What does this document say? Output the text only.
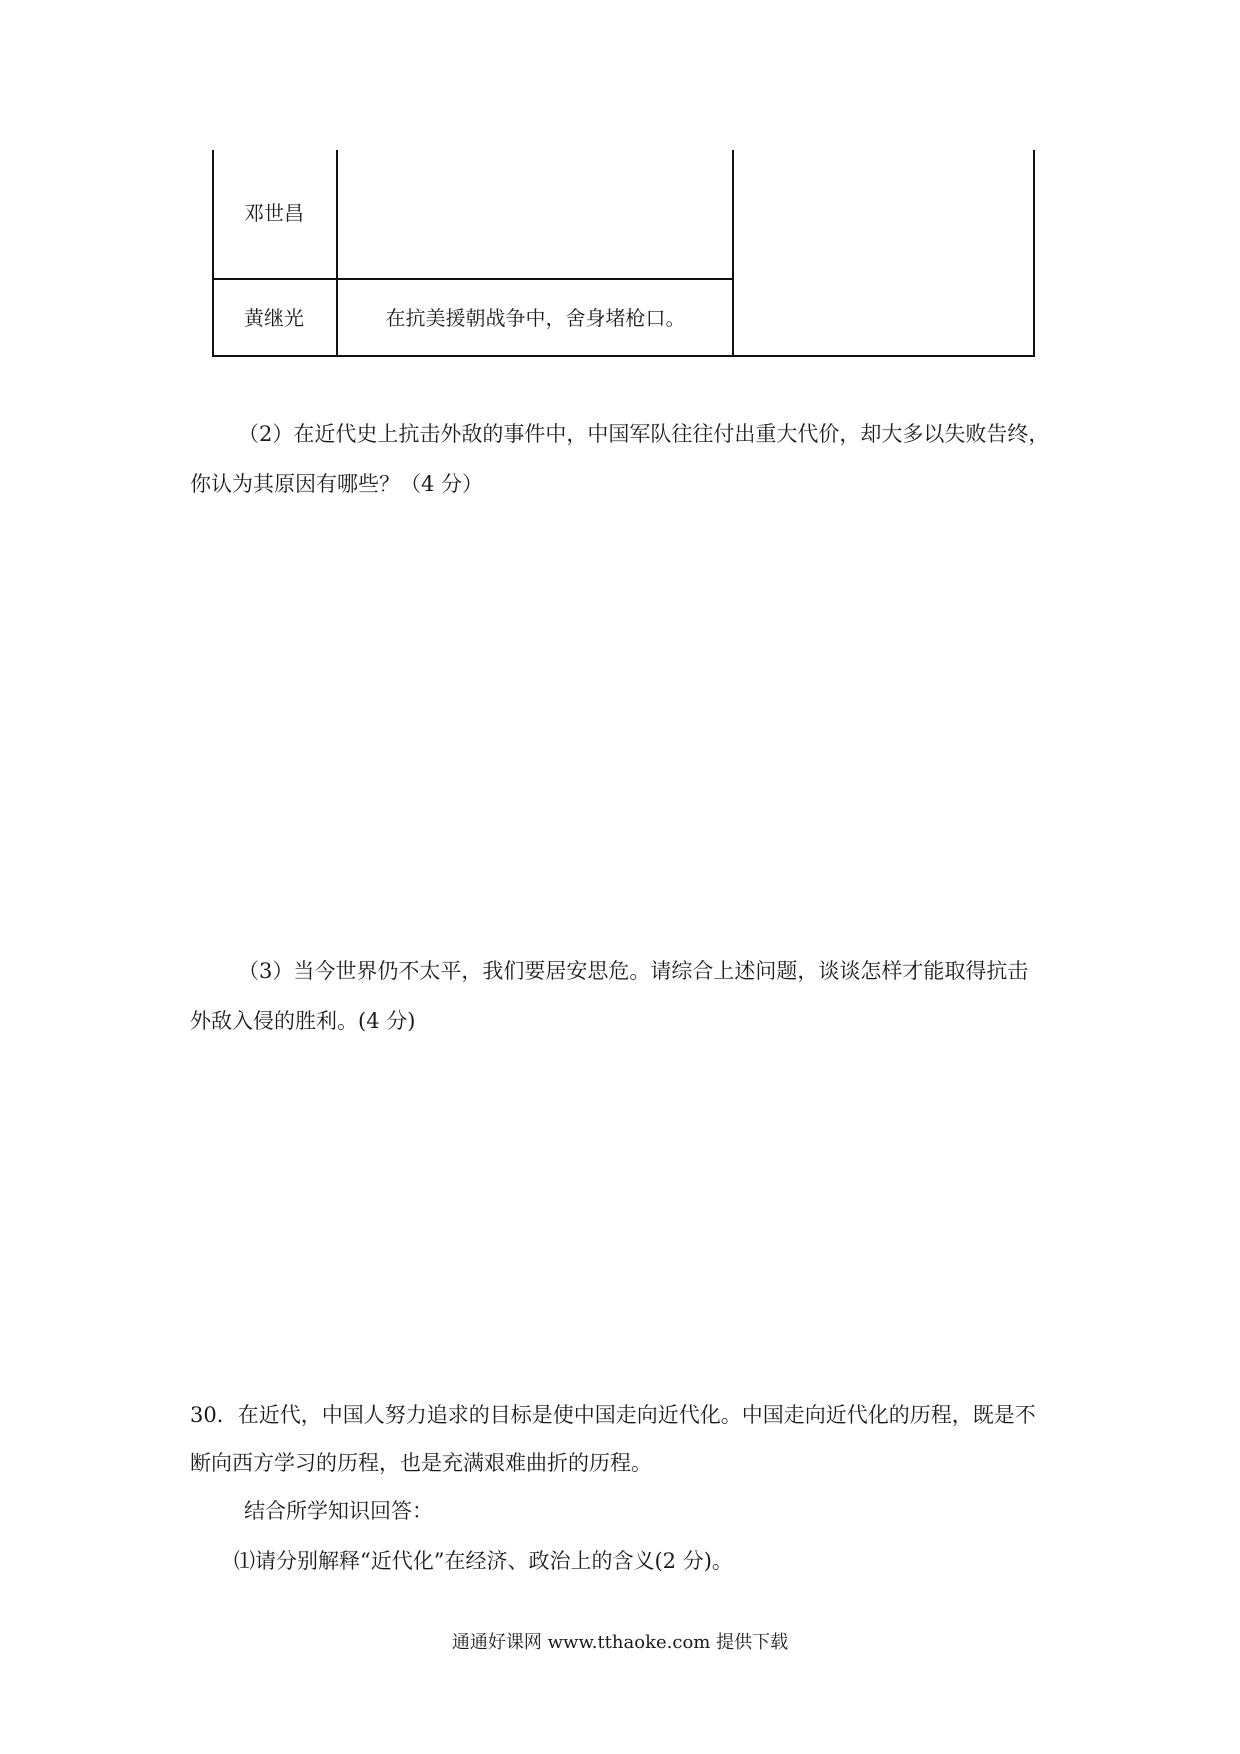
邓世昌
黄继光	在抗美援朝战争中，舍身堵枪口。
（2）在近代史上抗击外敌的事件中，中国军队往往付出重大代价，却大多以失败告终，
你认为其原因有哪些？（4 分）
（3）当今世界仍不太平，我们要居安思危。请综合上述问题，谈谈怎样才能取得抗击
外敌入侵的胜利。(4 分)
30．在近代，中国人努力追求的目标是使中国走向近代化。中国走向近代化的历程，既是不
断向西方学习的历程，也是充满艰难曲折的历程。
结合所学知识回答：
⑴请分别解释“近代化”在经济、政治上的含义(2 分)。
通通好课网 www.tthaoke.com 提供下载
